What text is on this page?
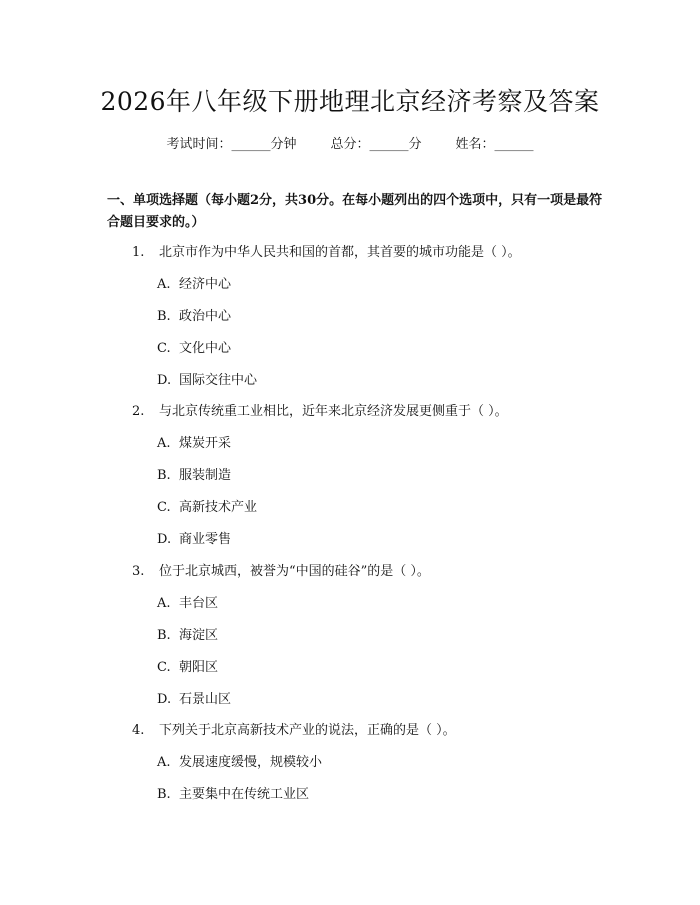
2026年八年级下册地理北京经济考察及答案
考试时间：______分钟	总分：______分	姓名：______
一、单项选择题（每小题2分，共30分。在每小题列出的四个选项中，只有一项是最符合题目要求的。）
1. 北京市作为中华人民共和国的首都，其首要的城市功能是（ ）。
A. 经济中心
B. 政治中心
C. 文化中心
D. 国际交往中心
2. 与北京传统重工业相比，近年来北京经济发展更侧重于（ ）。
A. 煤炭开采
B. 服装制造
C. 高新技术产业
D. 商业零售
3. 位于北京城西，被誉为“中国的硅谷”的是（ ）。
A. 丰台区
B. 海淀区
C. 朝阳区
D. 石景山区
4. 下列关于北京高新技术产业的说法，正确的是（ ）。
A. 发展速度缓慢，规模较小
B. 主要集中在传统工业区
